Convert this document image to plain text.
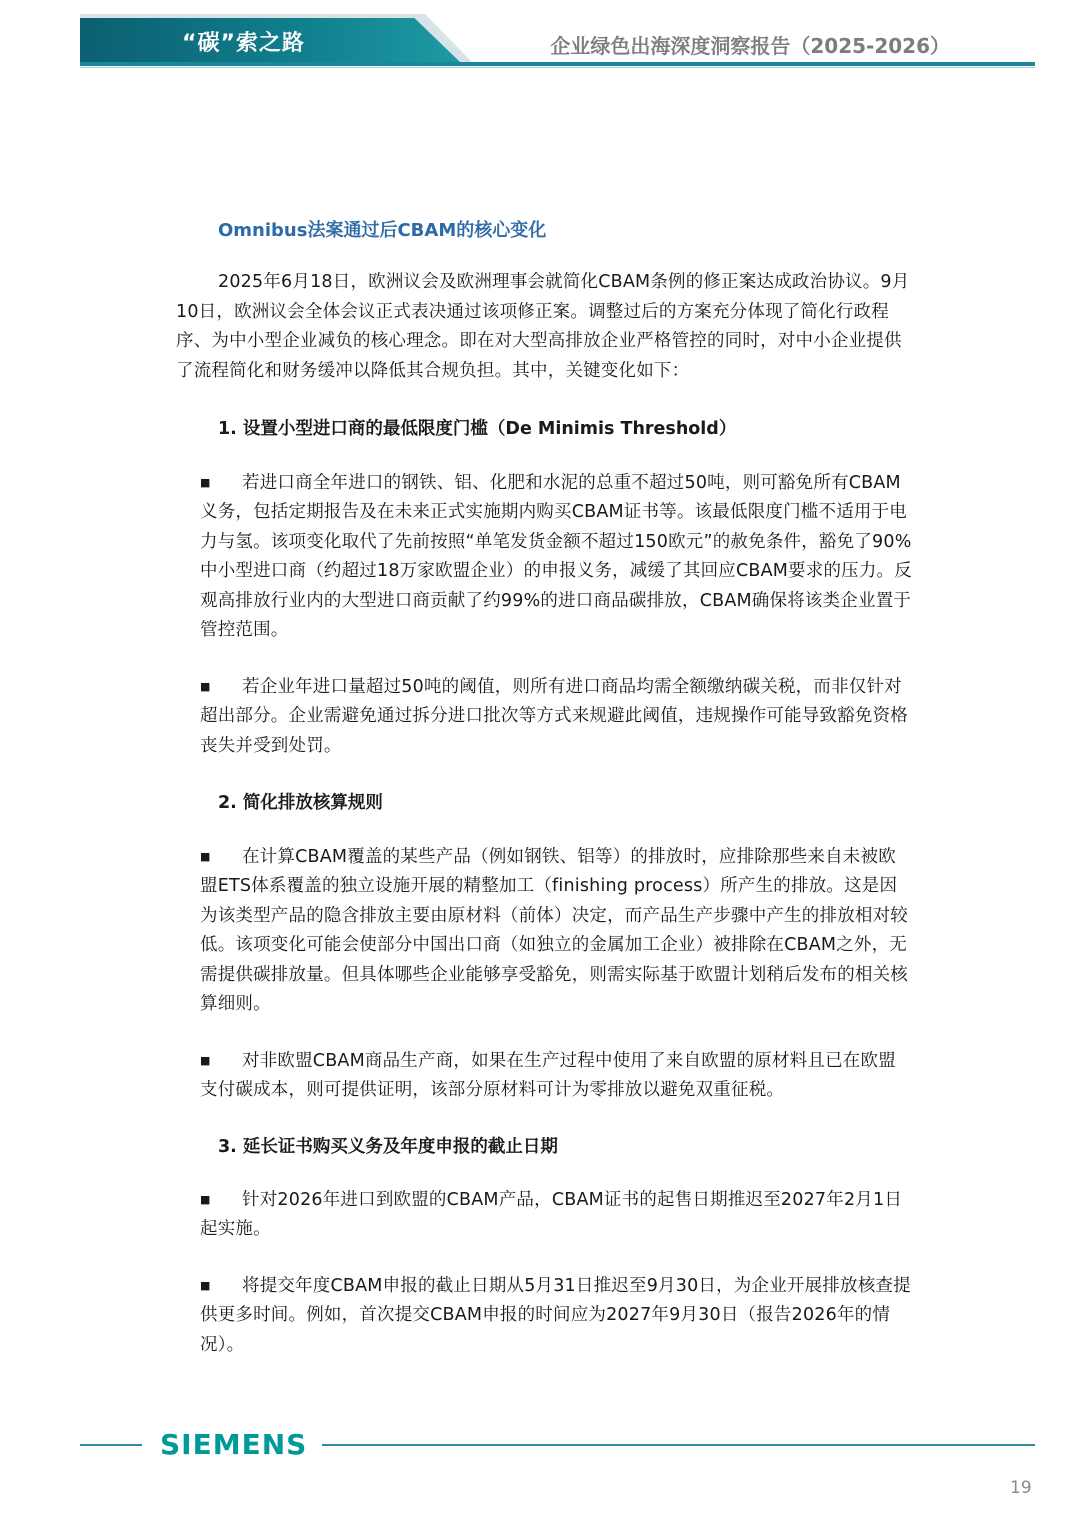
“碳”索之路	企业绿色出海深度洞察报告（2025-2026）
Omnibus法案通过后CBAM的核心变化

2025年6月18日，欧洲议会及欧洲理事会就简化CBAM条例的修正案达成政治协议。9月10日，欧洲议会全体会议正式表决通过该项修正案。调整过后的方案充分体现了简化行政程序、为中小型企业减负的核心理念。即在对大型高排放企业严格管控的同时，对中小企业提供了流程简化和财务缓冲以降低其合规负担。其中，关键变化如下：

1. 设置小型进口商的最低限度门槛（De Minimis Threshold）

■ 若进口商全年进口的钢铁、铝、化肥和水泥的总重不超过50吨，则可豁免所有CBAM义务，包括定期报告及在未来正式实施期内购买CBAM证书等。该最低限度门槛不适用于电力与氢。该项变化取代了先前按照“单笔发货金额不超过150欧元”的赦免条件，豁免了90%中小型进口商（约超过18万家欧盟企业）的申报义务，减缓了其回应CBAM要求的压力。反观高排放行业内的大型进口商贡献了约99%的进口商品碳排放，CBAM确保将该类企业置于管控范围。

■ 若企业年进口量超过50吨的阈值，则所有进口商品均需全额缴纳碳关税，而非仅针对超出部分。企业需避免通过拆分进口批次等方式来规避此阈值，违规操作可能导致豁免资格丧失并受到处罚。

2. 简化排放核算规则

■ 在计算CBAM覆盖的某些产品（例如钢铁、铝等）的排放时，应排除那些来自未被欧盟ETS体系覆盖的独立设施开展的精整加工（finishing process）所产生的排放。这是因为该类型产品的隐含排放主要由原材料（前体）决定，而产品生产步骤中产生的排放相对较低。该项变化可能会使部分中国出口商（如独立的金属加工企业）被排除在CBAM之外，无需提供碳排放量。但具体哪些企业能够享受豁免，则需实际基于欧盟计划稍后发布的相关核算细则。

■ 对非欧盟CBAM商品生产商，如果在生产过程中使用了来自欧盟的原材料且已在欧盟支付碳成本，则可提供证明，该部分原材料可计为零排放以避免双重征税。

3. 延长证书购买义务及年度申报的截止日期

■ 针对2026年进口到欧盟的CBAM产品，CBAM证书的起售日期推迟至2027年2月1日起实施。

■ 将提交年度CBAM申报的截止日期从5月31日推迟至9月30日，为企业开展排放核查提供更多时间。例如，首次提交CBAM申报的时间应为2027年9月30日（报告2026年的情况）。

SIEMENS
19
